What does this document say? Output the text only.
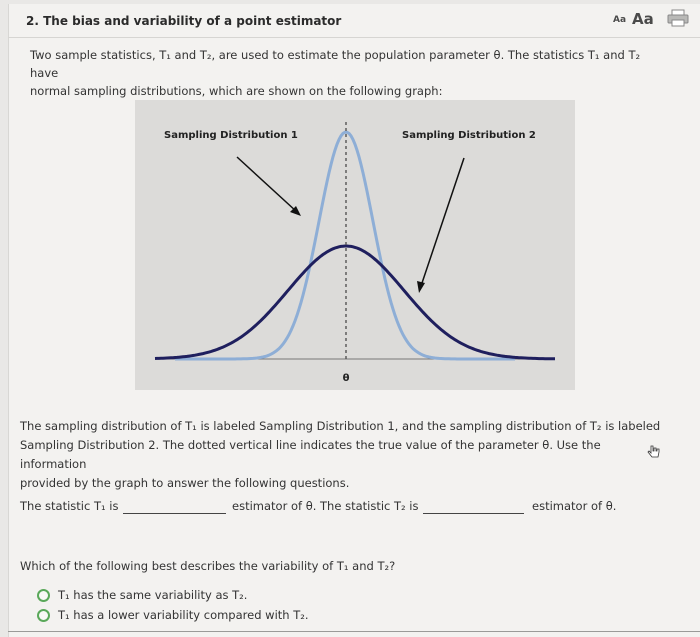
2. The bias and variability of a point estimator	Aa Aa
Two sample statistics, T₁ and T₂, are used to estimate the population parameter θ. The statistics T₁ and T₂ have
normal sampling distributions, which are shown on the following graph:
Sampling Distribution 1	Sampling Distribution 2
θ
The sampling distribution of T₁ is labeled Sampling Distribution 1, and the sampling distribution of T₂ is labeled
Sampling Distribution 2. The dotted vertical line indicates the true value of the parameter θ. Use the information
provided by the graph to answer the following questions.
The statistic T₁ is	estimator of θ. The statistic T₂ is	estimator of θ.
Which of the following best describes the variability of T₁ and T₂?
T₁ has the same variability as T₂.
T₁ has a lower variability compared with T₂.
